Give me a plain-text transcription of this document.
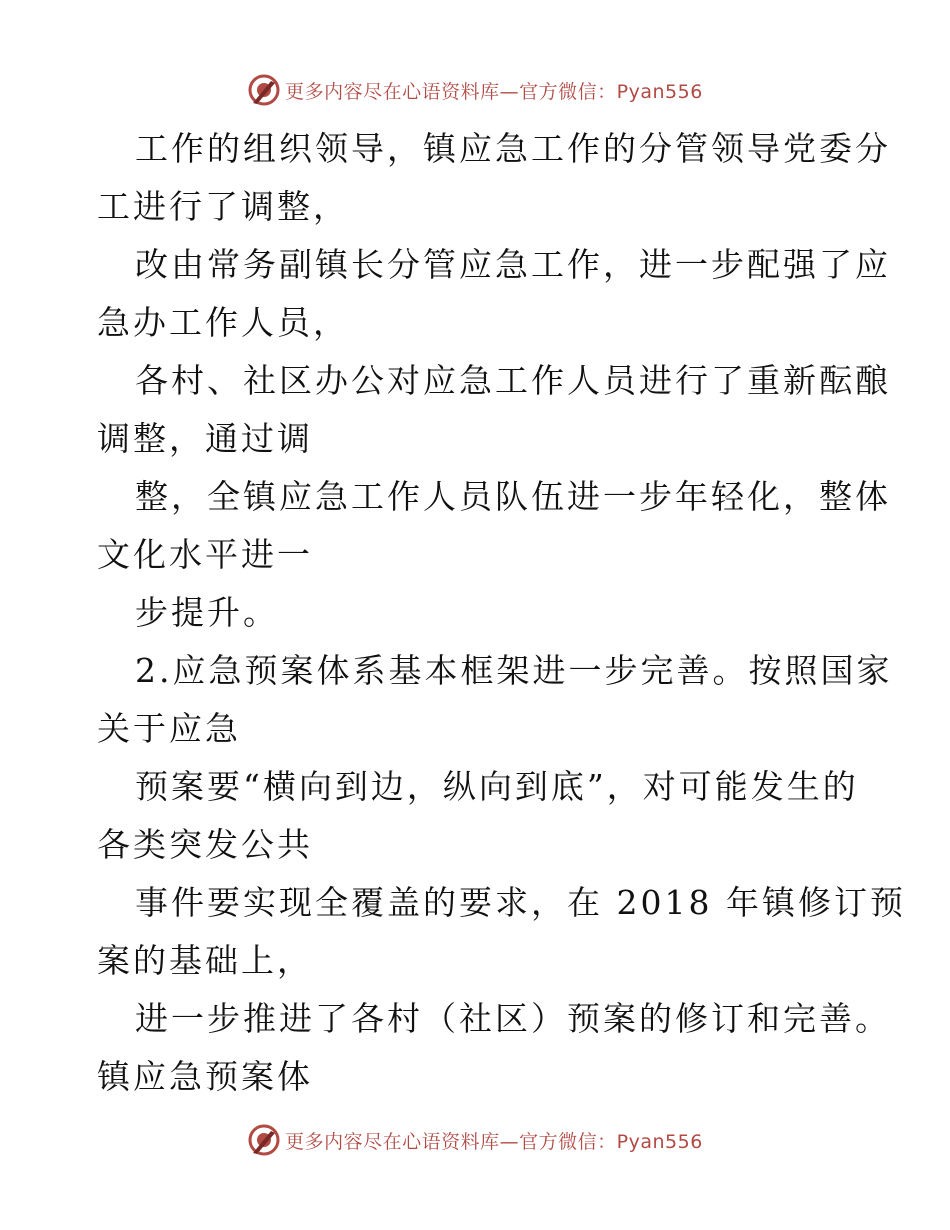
更多内容尽在心语资料库—官方微信：Pyan556
工作的组织领导，镇应急工作的分管领导党委分
工进行了调整，
改由常务副镇长分管应急工作，进一步配强了应
急办工作人员，
各村、社区办公对应急工作人员进行了重新酝酿
调整，通过调
整，全镇应急工作人员队伍进一步年轻化，整体
文化水平进一
步提升。
2.应急预案体系基本框架进一步完善。按照国家
关于应急
预案要“横向到边，纵向到底”，对可能发生的
各类突发公共
事件要实现全覆盖的要求，在 2018 年镇修订预
案的基础上，
进一步推进了各村（社区）预案的修订和完善。
镇应急预案体
更多内容尽在心语资料库—官方微信：Pyan556
